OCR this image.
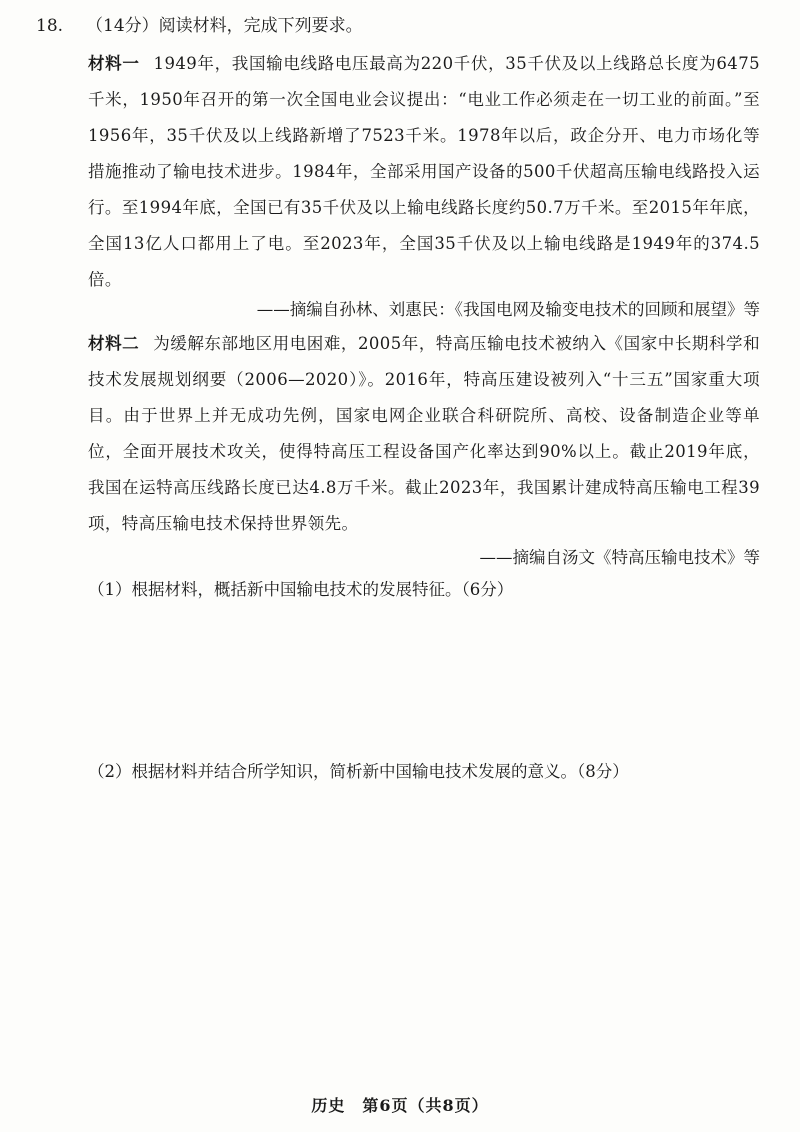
18. （14分）阅读材料，完成下列要求。
材料一 1949年，我国输电线路电压最高为220千伏，35千伏及以上线路总长度为6475千米，1950年召开的第一次全国电业会议提出：“电业工作必须走在一切工业的前面。”至1956年，35千伏及以上线路新增了7523千米。1978年以后，政企分开、电力市场化等措施推动了输电技术进步。1984年，全部采用国产设备的500千伏超高压输电线路投入运行。至1994年底，全国已有35千伏及以上输电线路长度约50.7万千米。至2015年年底，全国13亿人口都用上了电。至2023年，全国35千伏及以上输电线路是1949年的374.5倍。
——摘编自孙林、刘惠民：《我国电网及输变电技术的回顾和展望》等
材料二 为缓解东部地区用电困难，2005年，特高压输电技术被纳入《国家中长期科学和技术发展规划纲要（2006—2020）》。2016年，特高压建设被列入“十三五”国家重大项目。由于世界上并无成功先例，国家电网企业联合科研院所、高校、设备制造企业等单位，全面开展技术攻关，使得特高压工程设备国产化率达到90%以上。截止2019年底，我国在运特高压线路长度已达4.8万千米。截止2023年，我国累计建成特高压输电工程39项，特高压输电技术保持世界领先。
——摘编自汤文《特高压输电技术》等
（1）根据材料，概括新中国输电技术的发展特征。（6分）
（2）根据材料并结合所学知识，简析新中国输电技术发展的意义。（8分）
历史　第6页（共8页）
